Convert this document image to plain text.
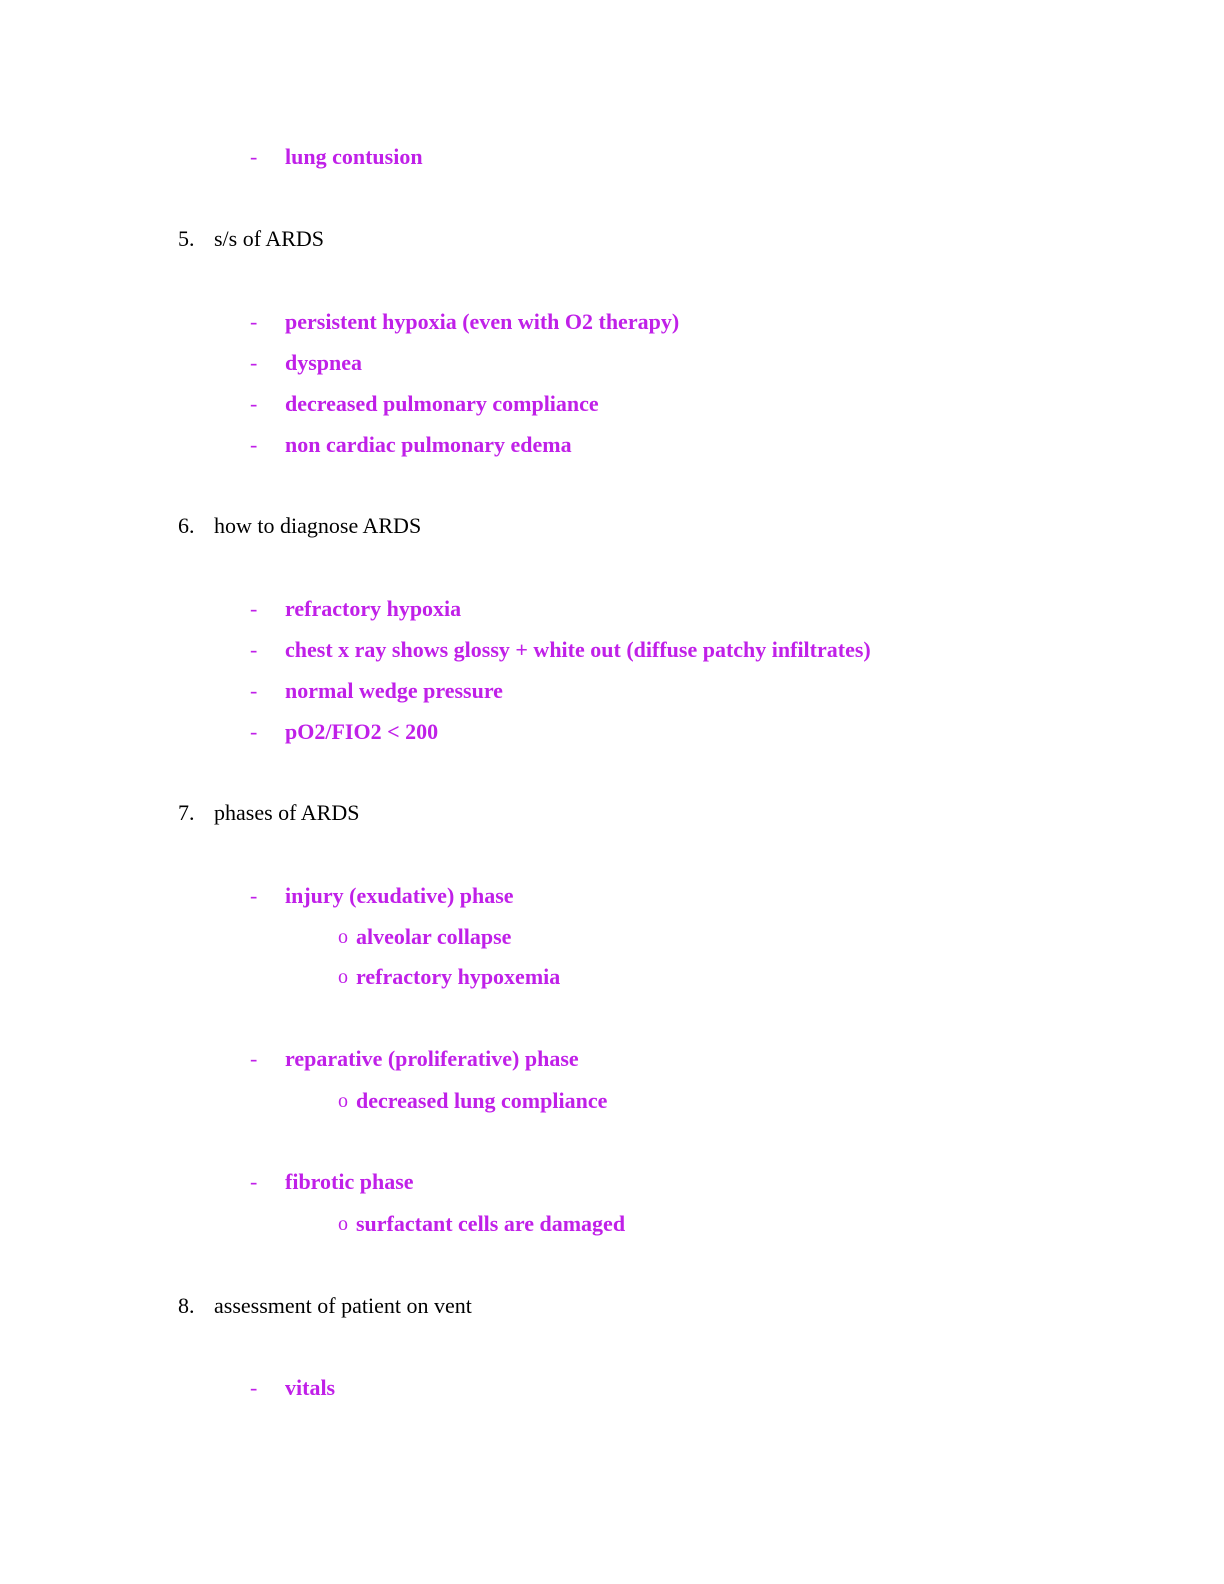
- lung contusion
5. s/s of ARDS
- persistent hypoxia (even with O2 therapy)
- dyspnea
- decreased pulmonary compliance
- non cardiac pulmonary edema
6. how to diagnose ARDS
- refractory hypoxia
- chest x ray shows glossy + white out (diffuse patchy infiltrates)
- normal wedge pressure
- pO2/FIO2 < 200
7. phases of ARDS
- injury (exudative) phase
o alveolar collapse
o refractory hypoxemia
- reparative (proliferative) phase
o decreased lung compliance
- fibrotic phase
o surfactant cells are damaged
8. assessment of patient on vent
- vitals
